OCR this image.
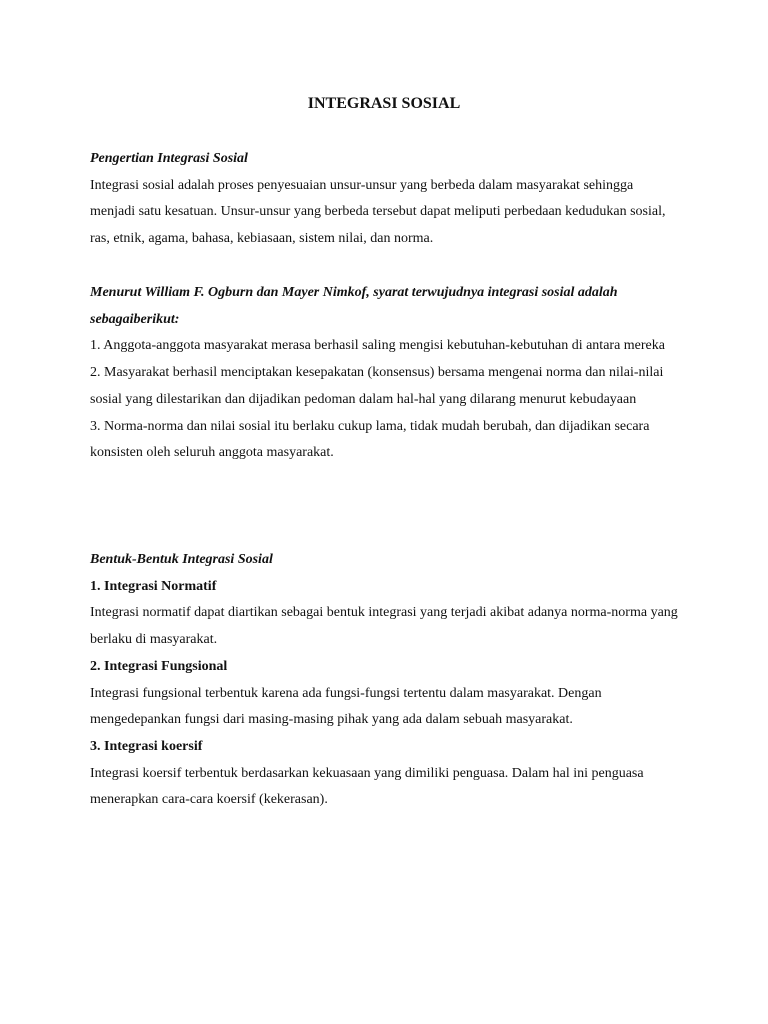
INTEGRASI SOSIAL
Pengertian Integrasi Sosial
Integrasi sosial adalah proses penyesuaian unsur-unsur yang berbeda dalam masyarakat sehingga menjadi satu kesatuan. Unsur-unsur yang berbeda tersebut dapat meliputi perbedaan kedudukan sosial, ras, etnik, agama, bahasa, kebiasaan, sistem nilai, dan norma.
Menurut William F. Ogburn dan Mayer Nimkof, syarat terwujudnya integrasi sosial adalah sebagaiberikut:
1. Anggota-anggota masyarakat merasa berhasil saling mengisi kebutuhan-kebutuhan di antara mereka
2. Masyarakat berhasil menciptakan kesepakatan (konsensus) bersama mengenai norma dan nilai-nilai sosial yang dilestarikan dan dijadikan pedoman dalam hal-hal yang dilarang menurut kebudayaan
3. Norma-norma dan nilai sosial itu berlaku cukup lama, tidak mudah berubah, dan dijadikan secara konsisten oleh seluruh anggota masyarakat.
Bentuk-Bentuk Integrasi Sosial
1. Integrasi Normatif
Integrasi normatif dapat diartikan sebagai bentuk integrasi yang terjadi akibat adanya norma-norma yang berlaku di masyarakat.
2. Integrasi Fungsional
Integrasi fungsional terbentuk karena ada fungsi-fungsi tertentu dalam masyarakat. Dengan mengedepankan fungsi dari masing-masing pihak yang ada dalam sebuah masyarakat.
3. Integrasi koersif
Integrasi koersif terbentuk berdasarkan kekuasaan yang dimiliki penguasa. Dalam hal ini penguasa menerapkan cara-cara koersif (kekerasan).
